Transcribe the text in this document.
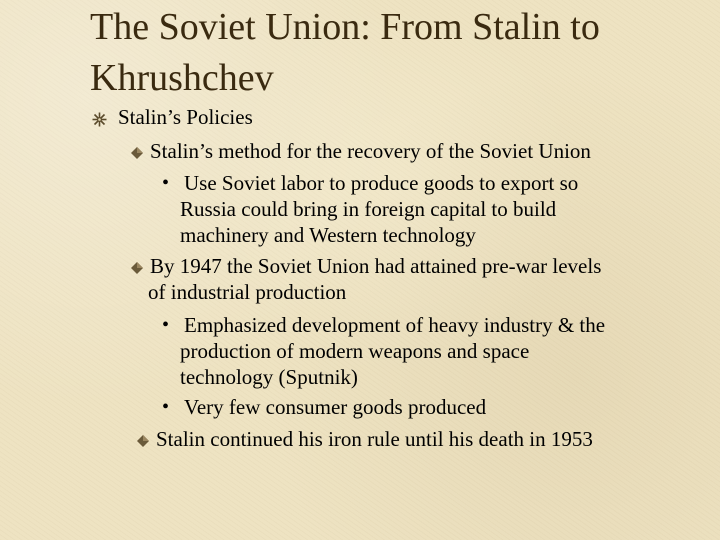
The Soviet Union: From Stalin to
Khrushchev
Stalin’s Policies
Stalin’s method for the recovery of the Soviet Union
• Use Soviet labor to produce goods to export so
Russia could bring in foreign capital to build
machinery and Western technology
By 1947 the Soviet Union had attained pre-war levels
of industrial production
• Emphasized development of heavy industry & the
production of modern weapons and space
technology (Sputnik)
• Very few consumer goods produced
Stalin continued his iron rule until his death in 1953
